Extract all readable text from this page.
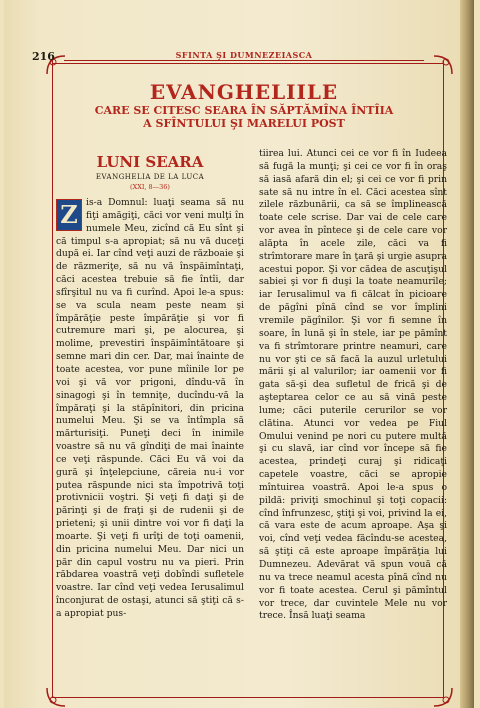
216	SFINTA ŞI DUMNEZEIASCA
EVANGHELIILE
CARE SE CITESC SEARA ÎN SĂPTĂMÎNA ÎNTÎIA
A SFÎNTULUI ŞI MARELUI POST
LUNI SEARA
EVANGHELIA DE LA LUCA
(XXI, 8—36)

Z is-a Domnul: luaţi seama să nu fiţi amăgiţi, căci vor veni mulţi în numele Meu, zicînd că Eu sînt şi că timpul s-a apropiat; să nu vă duceţi după ei. Iar cînd veţi auzi de războaie şi de răzmeriţe, să nu vă înspăimîntaţi, căci acestea trebuie să fie întîi, dar sfîrşitul nu va fi curînd. Apoi le-a spus: se va scula neam peste neam şi împărăţie peste împărăţie şi vor fi cutremure mari şi, pe alocurea, şi molime, prevestiri înspăimîntătoare şi semne mari din cer. Dar, mai înainte de toate acestea, vor pune mîinile lor pe voi şi vă vor prigoni, dîndu-vă în sinagogi şi în temniţe, ducîndu-vă la împăraţi şi la stăpînitori, din pricina numelui Meu. Şi se va întîmpla să mărturisiţi. Puneţi deci în inimile voastre să nu vă gîndiţi de mai înainte ce veţi răspunde. Căci Eu vă voi da gură şi înţelepciune, căreia nu-i vor putea răspunde nici sta împotrivă toţi protivnicii voştri. Şi veţi fi daţi şi de părinţi şi de fraţi şi de rudenii şi de prieteni; şi unii dintre voi vor fi daţi la moarte. Şi veţi fi urîţi de toţi oamenii, din pricina numelui Meu. Dar nici un păr din capul vostru nu va pieri. Prin răbdarea voastră veţi dobîndi sufletele voastre. Iar cînd veţi vedea Ierusalimul înconjurat de ostaşi, atunci să ştiţi că s-a apropiat pus-

tiirea lui. Atunci cei ce vor fi în Iudeea să fugă la munţi; şi cei ce vor fi în oraş să iasă afară din el; şi cei ce vor fi prin sate să nu intre în el. Căci acestea sînt zilele răzbunării, ca să se împlinească toate cele scrise. Dar vai de cele care vor avea în pîntece şi de cele care vor alăpta în acele zile, căci va fi strîmtorare mare în ţară şi urgie asupra acestui popor. Şi vor cădea de ascuţişul sabiei şi vor fi duşi la toate neamurile; iar Ierusalimul va fi călcat în picioare de păgîni pînă cînd se vor împlini vremile păgînilor. Şi vor fi semne în soare, în lună şi în stele, iar pe pămînt va fi strîmtorare printre neamuri, care nu vor şti ce să facă la auzul urletului mării şi al valurilor; iar oamenii vor fi gata să-şi dea sufletul de frică şi de aşteptarea celor ce au să vină peste lume; căci puterile cerurilor se vor clătina. Atunci vor vedea pe Fiul Omului venind pe nori cu putere multă şi cu slavă, iar cînd vor începe să fie acestea, prindeţi curaj şi ridicaţi capetele voastre, căci se apropie mîntuirea voastră. Apoi le-a spus o pildă: priviţi smochinul şi toţi copacii: cînd înfrunzesc, ştiţi şi voi, privind la ei, că vara este de acum aproape. Aşa şi voi, cînd veţi vedea făcîndu-se acestea, să ştiţi că este aproape împărăţia lui Dumnezeu. Adevărat vă spun vouă că nu va trece neamul acesta pînă cînd nu vor fi toate acestea. Cerul şi pămîntul vor trece, dar cuvintele Mele nu vor trece. Însă luaţi seama
